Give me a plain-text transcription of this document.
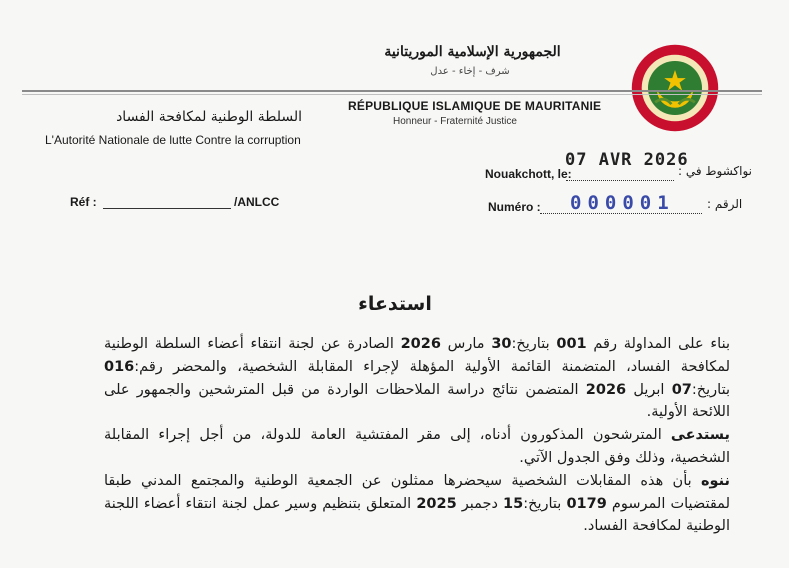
الجمهورية الإسلامية الموريتانية
شرف - إخاء - عدل
RÉPUBLIQUE ISLAMIQUE DE MAURITANIE
Honneur - Fraternité Justice
السلطة الوطنية لمكافحة الفساد
L'Autorité Nationale de lutte Contre la corruption
Nouakchott, le:
07 AVR 2026
نواكشوط في :
Réf :	/ANLCC	Numéro : 000001	الرقم :
استدعاء

بناء على المداولة رقم 001 بتاريخ:30 مارس 2026 الصادرة عن لجنة انتقاء أعضاء السلطة الوطنية لمكافحة الفساد، المتضمنة القائمة الأولية المؤهلة لإجراء المقابلة الشخصية، والمحضر رقم:016 بتاريخ:07 ابريل 2026 المتضمن نتائج دراسة الملاحظات الواردة من قبل المترشحين والجمهور على اللائحة الأولية.

يستدعى المترشحون المذكورون أدناه، إلى مقر المفتشية العامة للدولة، من أجل إجراء المقابلة الشخصية، وذلك وفق الجدول الآتي.

ننوه بأن هذه المقابلات الشخصية سيحضرها ممثلون عن الجمعية الوطنية والمجتمع المدني طبقا لمقتضيات المرسوم 0179 بتاريخ:15 دجمبر 2025 المتعلق بتنظيم وسير عمل لجنة انتقاء أعضاء اللجنة الوطنية لمكافحة الفساد.
